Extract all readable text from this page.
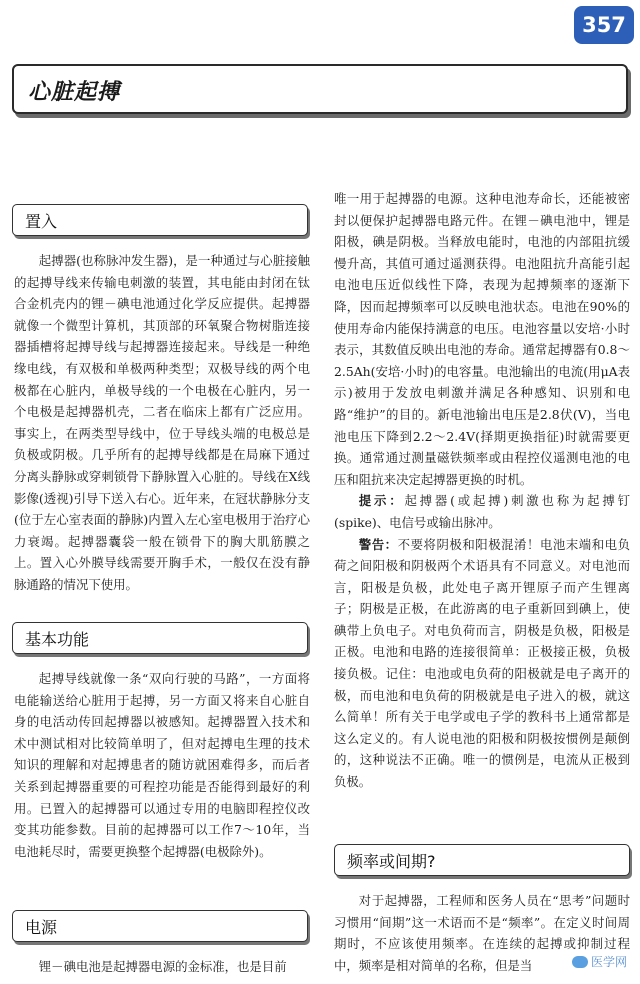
357
心脏起搏
置入

起搏器(也称脉冲发生器)，是一种通过与心脏接触的起搏导线来传输电刺激的装置，其电能由封闭在钛合金机壳内的锂－碘电池通过化学反应提供。起搏器就像一个微型计算机，其顶部的环氧聚合物树脂连接器插槽将起搏导线与起搏器连接起来。导线是一种绝缘电线，有双极和单极两种类型；双极导线的两个电极都在心脏内，单极导线的一个电极在心脏内，另一个电极是起搏器机壳，二者在临床上都有广泛应用。事实上，在两类型导线中，位于导线头端的电极总是负极或阴极。几乎所有的起搏导线都是在局麻下通过分离头静脉或穿刺锁骨下静脉置入心脏的。导线在X线影像(透视)引导下送入右心。近年来，在冠状静脉分支(位于左心室表面的静脉)内置入左心室电极用于治疗心力衰竭。起搏器囊袋一般在锁骨下的胸大肌筋膜之上。置入心外膜导线需要开胸手术，一般仅在没有静脉通路的情况下使用。

基本功能

起搏导线就像一条“双向行驶的马路”，一方面将电能输送给心脏用于起搏，另一方面又将来自心脏自身的电活动传回起搏器以被感知。起搏器置入技术和术中测试相对比较简单明了，但对起搏电生理的技术知识的理解和对起搏患者的随访就困难得多，而后者关系到起搏器重要的可程控功能是否能得到最好的利用。已置入的起搏器可以通过专用的电脑即程控仪改变其功能参数。目前的起搏器可以工作7～10年，当电池耗尽时，需要更换整个起搏器(电极除外)。

电源

锂－碘电池是起搏器电源的金标准，也是目前

唯一用于起搏器的电源。这种电池寿命长，还能被密封以便保护起搏器电路元件。在锂－碘电池中，锂是阳极，碘是阴极。当释放电能时，电池的内部阻抗缓慢升高，其值可通过遥测获得。电池阻抗升高能引起电池电压近似线性下降，表现为起搏频率的逐渐下降，因而起搏频率可以反映电池状态。电池在90%的使用寿命内能保持满意的电压。电池容量以安培·小时表示，其数值反映出电池的寿命。通常起搏器有0.8～2.5Ah(安培·小时)的电容量。电池输出的电流(用μA表示)被用于发放电刺激并满足各种感知、识别和电路“维护”的目的。新电池输出电压是2.8伏(V)，当电池电压下降到2.2～2.4V(择期更换指征)时就需要更换。通常通过测量磁铁频率或由程控仪遥测电池的电压和阻抗来决定起搏器更换的时机。

提示：起搏器(或起搏)刺激也称为起搏钉(spike)、电信号或输出脉冲。

警告：不要将阴极和阳极混淆！电池末端和电负荷之间阳极和阴极两个术语具有不同意义。对电池而言，阳极是负极，此处电子离开锂原子而产生锂离子；阴极是正极，在此游离的电子重新回到碘上，使碘带上负电子。对电负荷而言，阴极是负极，阳极是正极。电池和电路的连接很简单：正极接正极，负极接负极。记住：电池或电负荷的阳极就是电子离开的极，而电池和电负荷的阴极就是电子进入的极，就这么简单！所有关于电学或电子学的教科书上通常都是这么定义的。有人说电池的阳极和阴极按惯例是颠倒的，这种说法不正确。唯一的惯例是，电流从正极到负极。

频率或间期?

对于起搏器，工程师和医务人员在“思考”问题时习惯用“间期”这一术语而不是“频率”。在定义时间周期时，不应该使用频率。在连续的起搏或抑制过程中，频率是相对简单的名称，但是当	医学网
